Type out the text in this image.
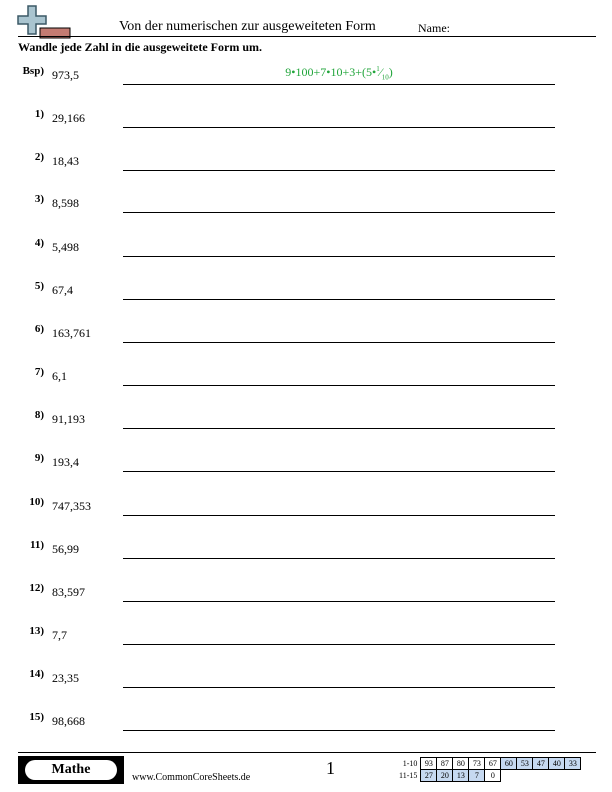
Von der numerischen zur ausgeweiteten Form	Name:
Wandle jede Zahl in die ausgeweitete Form um.
Bsp) 973,5	$9•100+7•10+3+(5•^1⁄_{10})$
1) 29,166
2) 18,43
3) 8,598
4) 5,498
5) 67,4
6) 163,761
7) 6,1
8) 91,193
9) 193,4
10) 747,353
11) 56,99
12) 83,597
13) 7,7
14) 23,35
15) 98,668
Mathe
www.CommonCoreSheets.de	1	1-10	93	87	80	73	67	60	53	47	40	33
11-15	27	20	13	7	0					
